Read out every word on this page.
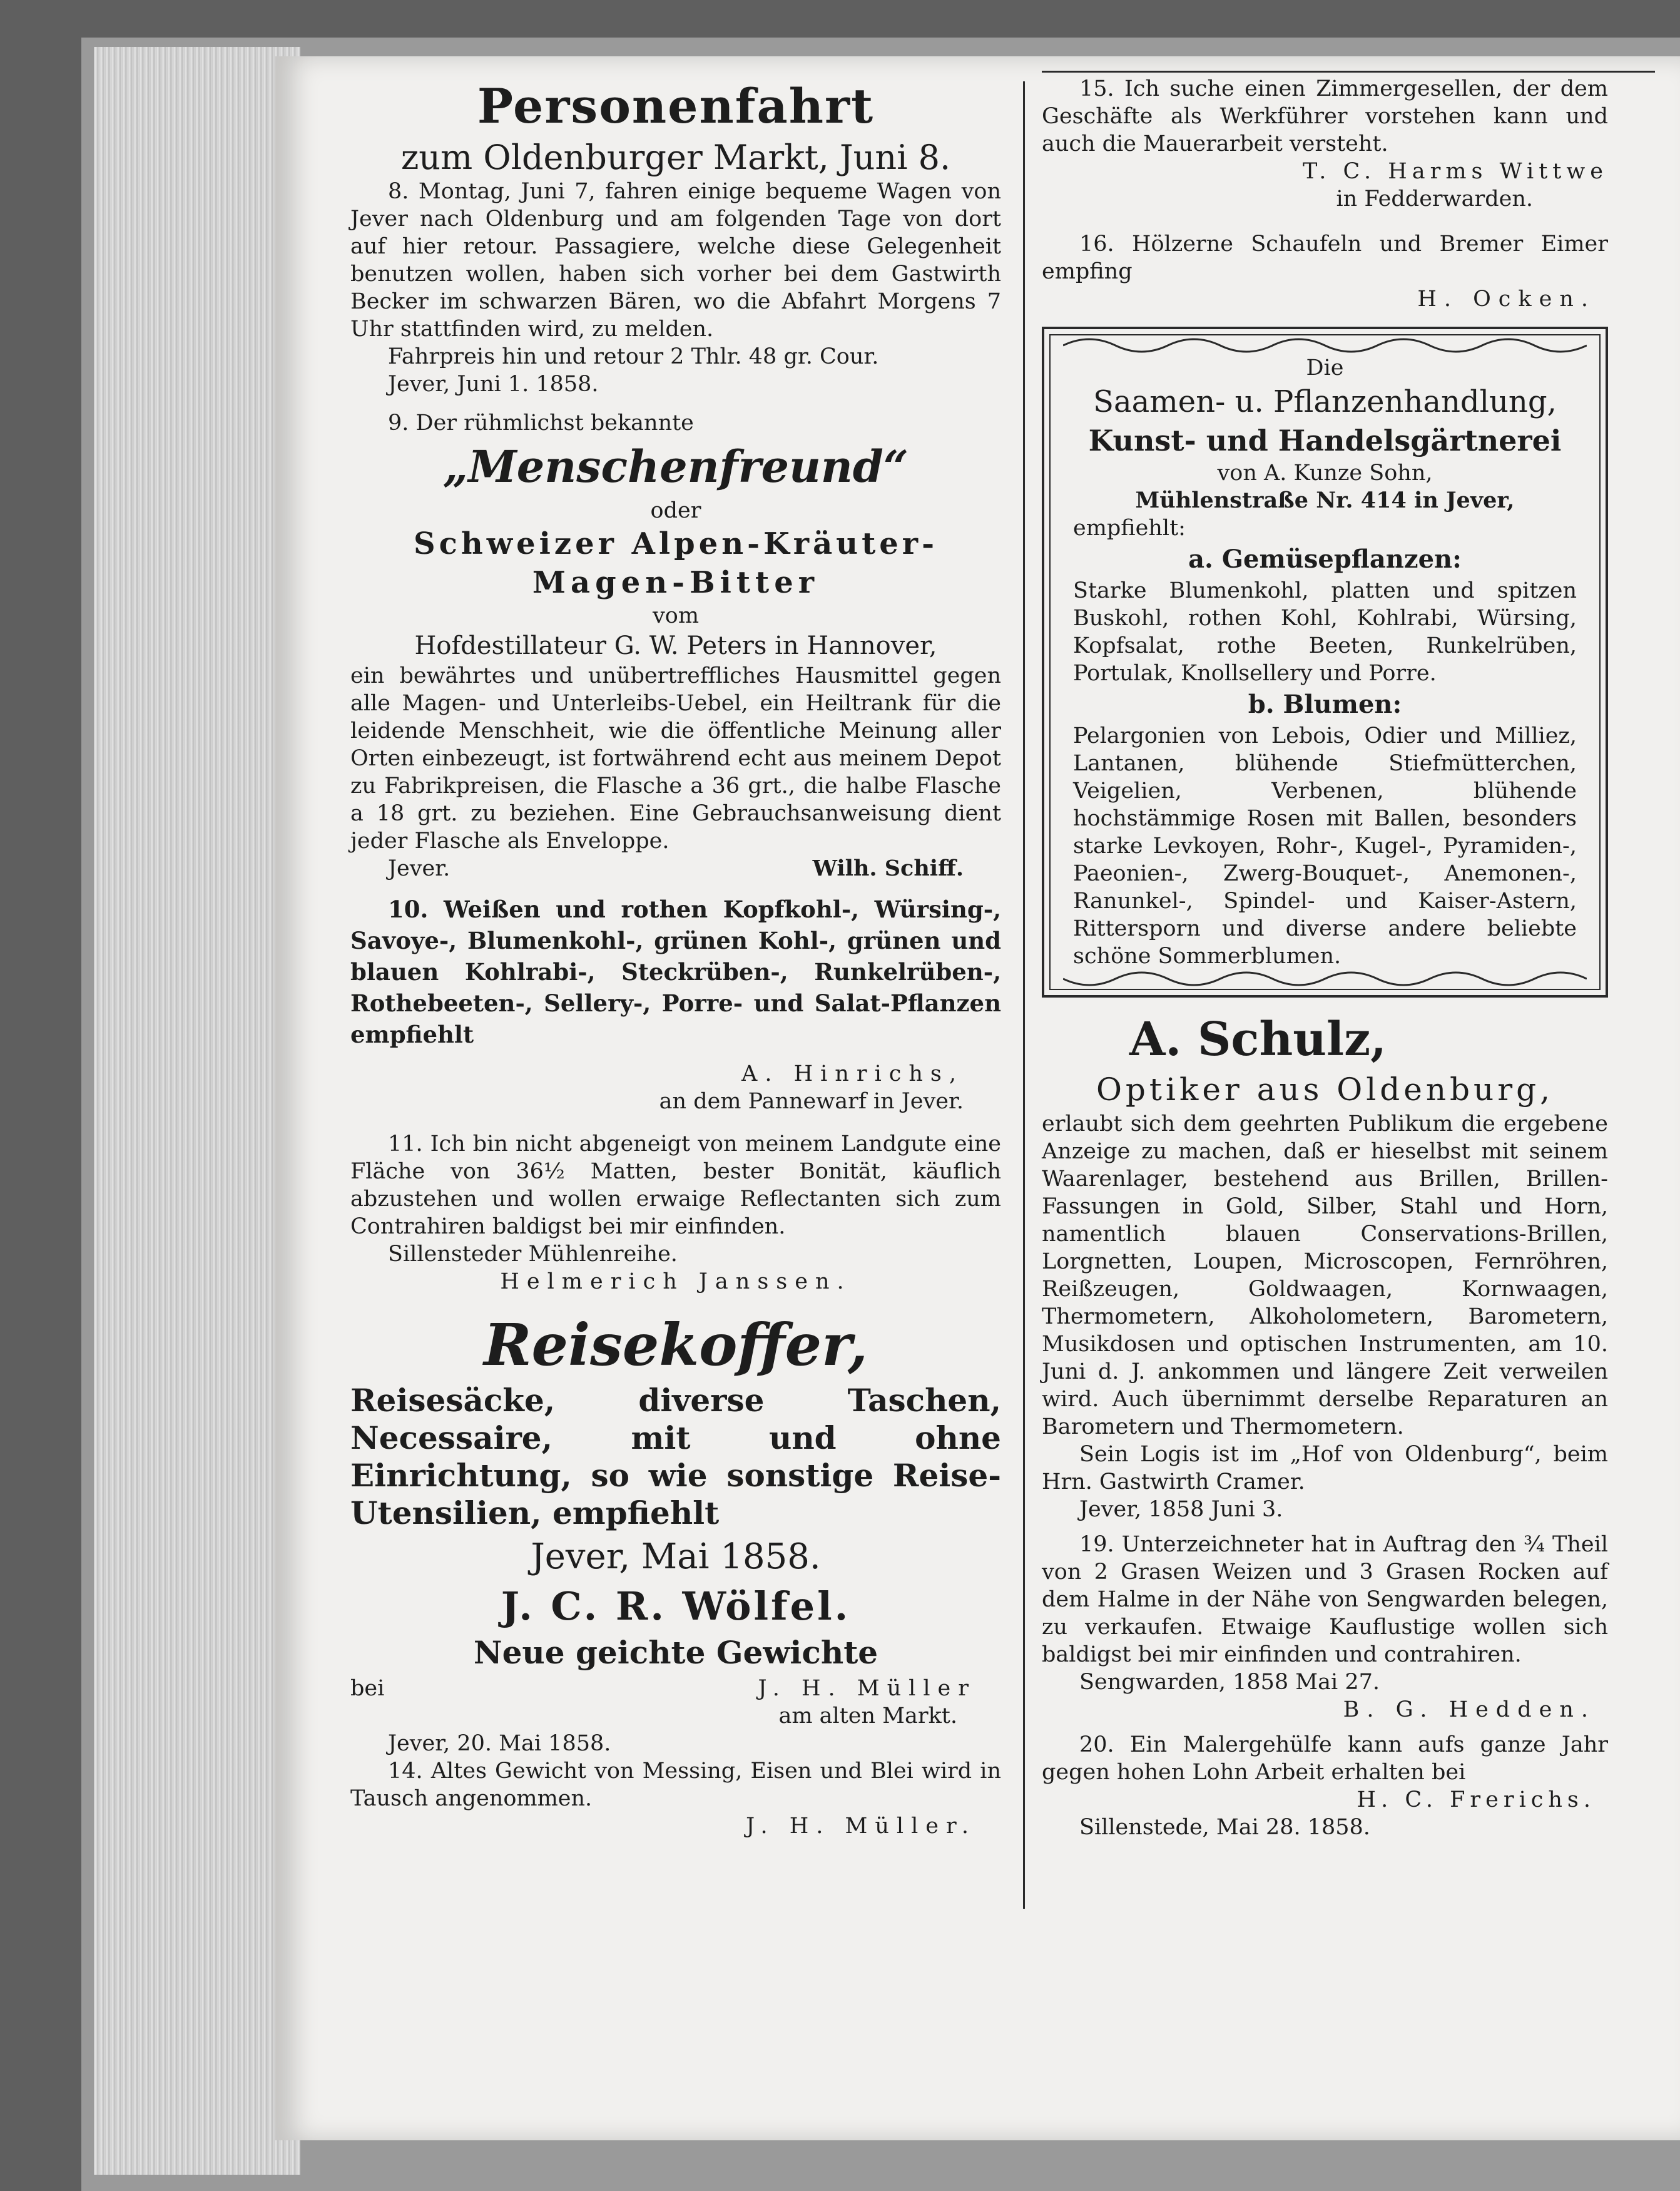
Personenfahrt

zum Oldenburger Markt, Juni 8.

8. Montag, Juni 7, fahren einige bequeme Wagen von Jever nach Oldenburg und am folgenden Tage von dort auf hier retour. Passagiere, welche diese Gelegenheit benutzen wollen, haben sich vorher bei dem Gastwirth Becker im schwarzen Bären, wo die Abfahrt Morgens 7 Uhr stattfinden wird, zu melden.

Fahrpreis hin und retour 2 Thlr. 48 gr. Cour.

Jever, Juni 1. 1858.

9. Der rühmlichst bekannte

„Menschenfreund“

oder

Schweizer Alpen-Kräuter-

Magen-Bitter

vom

Hofdestillateur G. W. Peters in Hannover,

ein bewährtes und unübertreffliches Hausmittel gegen alle Magen- und Unterleibs-Uebel, ein Heiltrank für die leidende Menschheit, wie die öffentliche Meinung aller Orten einbezeugt, ist fortwährend echt aus meinem Depot zu Fabrikpreisen, die Flasche a 36 grt., die halbe Flasche a 18 grt. zu beziehen. Eine Gebrauchsanweisung dient jeder Flasche als Enveloppe.

Jever.	Wilh. Schiff.

10. Weißen und rothen Kopfkohl-, Würsing-, Savoye-, Blumenkohl-, grünen Kohl-, grünen und blauen Kohlrabi-, Steckrüben-, Runkelrüben-, Rothebeeten-, Sellery-, Porre- und Salat-Pflanzen empfiehlt

A. Hinrichs,

an dem Pannewarf in Jever.

11. Ich bin nicht abgeneigt von meinem Landgute eine Fläche von 36½ Matten, bester Bonität, käuflich abzustehen und wollen erwaige Reflectanten sich zum Contrahiren baldigst bei mir einfinden.

Sillensteder Mühlenreihe.

Helmerich Janssen.

Reisekoffer,

Reisesäcke, diverse Taschen, Necessaire, mit und ohne Einrichtung, so wie sonstige Reise-Utensilien, empfiehlt

Jever, Mai 1858.

J. C. R. Wölfel.

Neue geichte Gewichte

bei	J. H. Müller

am alten Markt.

Jever, 20. Mai 1858.

14. Altes Gewicht von Messing, Eisen und Blei wird in Tausch angenommen.

J. H. Müller.

15. Ich suche einen Zimmergesellen, der dem Geschäfte als Werkführer vorstehen kann und auch die Mauerarbeit versteht.

T. C. Harms Wittwe

in Fedderwarden.

16. Hölzerne Schaufeln und Bremer Eimer empfing

H. Ocken.

Die

Saamen- u. Pflanzenhandlung,

Kunst- und Handelsgärtnerei

von A. Kunze Sohn,

Mühlenstraße Nr. 414 in Jever,

empfiehlt:

a. Gemüsepflanzen:

Starke Blumenkohl, platten und spitzen Buskohl, rothen Kohl, Kohlrabi, Würsing, Kopfsalat, rothe Beeten, Runkelrüben, Portulak, Knollsellery und Porre.

b. Blumen:

Pelargonien von Lebois, Odier und Milliez, Lantanen, blühende Stiefmütterchen, Veigelien, Verbenen, blühende hochstämmige Rosen mit Ballen, besonders starke Levkoyen, Rohr-, Kugel-, Pyramiden-, Paeonien-, Zwerg-Bouquet-, Anemonen-, Ranunkel-, Spindel- und Kaiser-Astern, Rittersporn und diverse andere beliebte schöne Sommerblumen.

A. Schulz,

Optiker aus Oldenburg,

erlaubt sich dem geehrten Publikum die ergebene Anzeige zu machen, daß er hieselbst mit seinem Waarenlager, bestehend aus Brillen, Brillen-Fassungen in Gold, Silber, Stahl und Horn, namentlich blauen Conservations-Brillen, Lorgnetten, Loupen, Microscopen, Fernröhren, Reißzeugen, Goldwaagen, Kornwaagen, Thermometern, Alkoholometern, Barometern, Musikdosen und optischen Instrumenten, am 10. Juni d. J. ankommen und längere Zeit verweilen wird. Auch übernimmt derselbe Reparaturen an Barometern und Thermometern.

Sein Logis ist im „Hof von Oldenburg“, beim Hrn. Gastwirth Cramer.

Jever, 1858 Juni 3.

19. Unterzeichneter hat in Auftrag den ¾ Theil von 2 Grasen Weizen und 3 Grasen Rocken auf dem Halme in der Nähe von Sengwarden belegen, zu verkaufen. Etwaige Kauflustige wollen sich baldigst bei mir einfinden und contrahiren.

Sengwarden, 1858 Mai 27.

B. G. Hedden.

20. Ein Malergehülfe kann aufs ganze Jahr gegen hohen Lohn Arbeit erhalten bei

H. C. Frerichs.

Sillenstede, Mai 28. 1858.
